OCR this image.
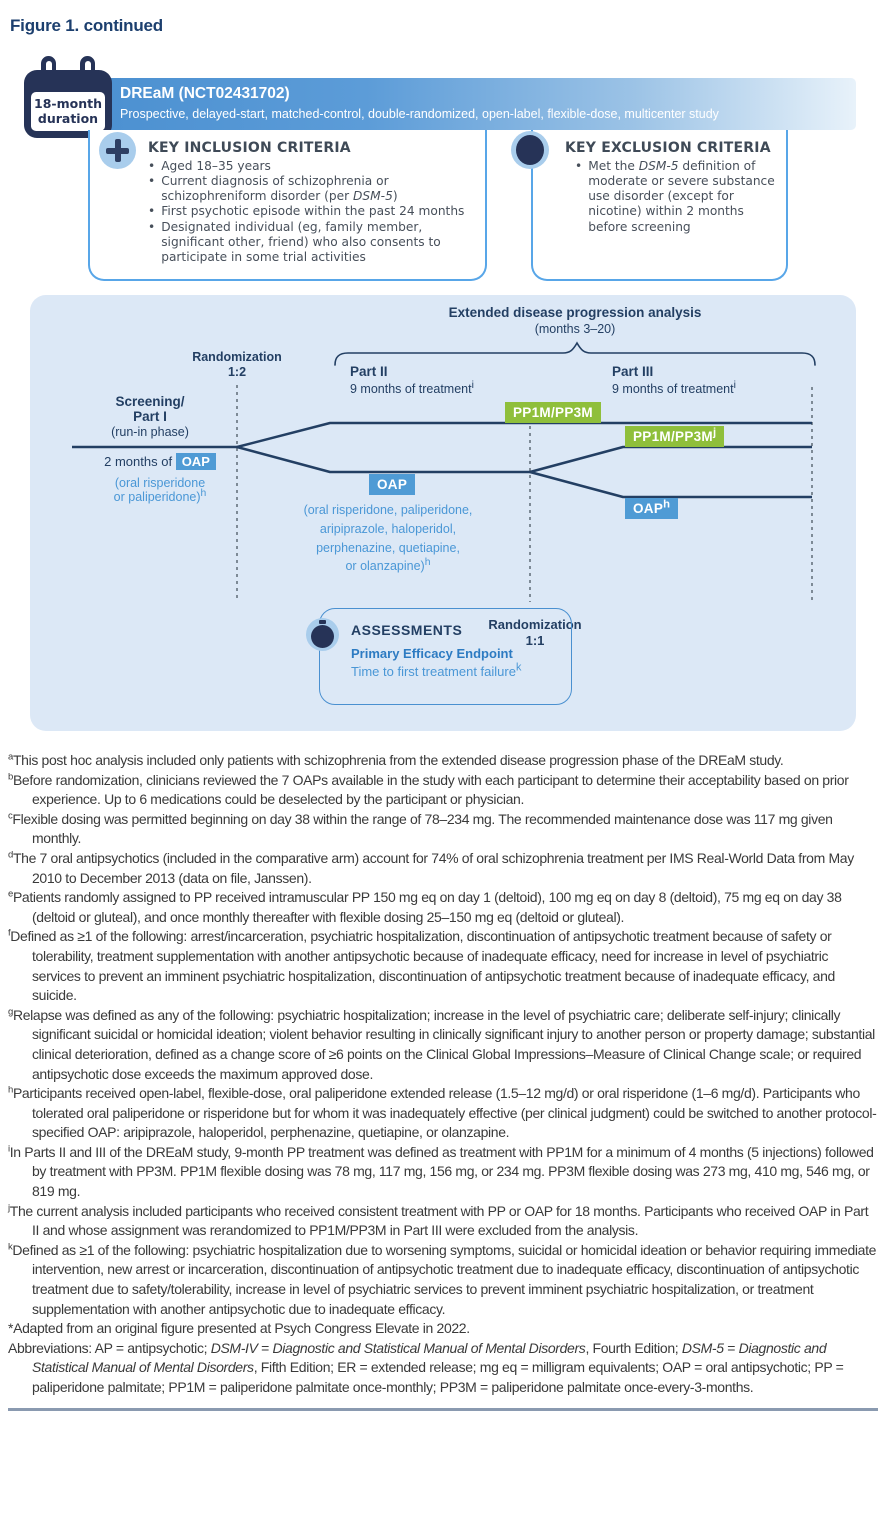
Figure 1. continued
DREaM (NCT02431702)
Prospective, delayed-start, matched-control, double-randomized, open-label, flexible-dose, multicenter study
18-month
duration
KEY INCLUSION CRITERIA
• Aged 18–35 years
• Current diagnosis of schizophrenia or schizophreniform disorder (per DSM-5)
• First psychotic episode within the past 24 months
• Designated individual (eg, family member, significant other, friend) who also consents to participate in some trial activities
KEY EXCLUSION CRITERIA
• Met the DSM-5 definition of moderate or severe substance use disorder (except for nicotine) within 2 months before screening
Extended disease progression analysis
(months 3–20)
Randomization
1:2	Part II
9 months of treatment$^i$
Part III
9 months of treatment$^i$
Screening/
Part I
(run-in phase)
PP1M/PP3M
$PP1M/PP3M^j$
OAP
OAP$^h$
2 months of OAP
(oral risperidone
or paliperidone)$^h$
(oral risperidone, paliperidone,
aripiprazole, haloperidol,
perphenazine, quetiapine,
or olanzapine)$^h$
Randomization
1:1
ASSESSMENTS
Primary Efficacy Endpoint
Time to first treatment failure$^k$
$^a$This post hoc analysis included only patients with schizophrenia from the extended disease progression phase of the DREaM study.
$^b$Before randomization, clinicians reviewed the 7 OAPs available in the study with each participant to determine their acceptability based on prior experience. Up to 6 medications could be deselected by the participant or physician.
$^c$Flexible dosing was permitted beginning on day 38 within the range of 78–234 mg. The recommended maintenance dose was 117 mg given monthly.
$^d$The 7 oral antipsychotics (included in the comparative arm) account for 74% of oral schizophrenia treatment per IMS Real-World Data from May 2010 to December 2013 (data on file, Janssen).
$^e$Patients randomly assigned to PP received intramuscular PP 150 mg eq on day 1 (deltoid), 100 mg eq on day 8 (deltoid), 75 mg eq on day 38 (deltoid or gluteal), and once monthly thereafter with flexible dosing 25–150 mg eq (deltoid or gluteal).
$^f$Defined as ≥1 of the following: arrest/incarceration, psychiatric hospitalization, discontinuation of antipsychotic treatment because of safety or tolerability, treatment supplementation with another antipsychotic because of inadequate efficacy, need for increase in level of psychiatric services to prevent an imminent psychiatric hospitalization, discontinuation of antipsychotic treatment because of inadequate efficacy, and suicide.
$^g$Relapse was defined as any of the following: psychiatric hospitalization; increase in the level of psychiatric care; deliberate self-injury; clinically significant suicidal or homicidal ideation; violent behavior resulting in clinically significant injury to another person or property damage; substantial clinical deterioration, defined as a change score of ≥6 points on the Clinical Global Impressions–Measure of Clinical Change scale; or required antipsychotic dose exceeds the maximum approved dose.
$^h$Participants received open-label, flexible-dose, oral paliperidone extended release (1.5–12 mg/d) or oral risperidone (1–6 mg/d). Participants who tolerated oral paliperidone or risperidone but for whom it was inadequately effective (per clinical judgment) could be switched to another protocol-specified OAP: aripiprazole, haloperidol, perphenazine, quetiapine, or olanzapine.
$^i$In Parts II and III of the DREaM study, 9-month PP treatment was defined as treatment with PP1M for a minimum of 4 months (5 injections) followed by treatment with PP3M. PP1M flexible dosing was 78 mg, 117 mg, 156 mg, or 234 mg. PP3M flexible dosing was 273 mg, 410 mg, 546 mg, or 819 mg.
$^j$The current analysis included participants who received consistent treatment with PP or OAP for 18 months. Participants who received OAP in Part II and whose assignment was rerandomized to PP1M/PP3M in Part III were excluded from the analysis.
$^k$Defined as ≥1 of the following: psychiatric hospitalization due to worsening symptoms, suicidal or homicidal ideation or behavior requiring immediate intervention, new arrest or incarceration, discontinuation of antipsychotic treatment due to inadequate efficacy, discontinuation of antipsychotic treatment due to safety/tolerability, increase in level of psychiatric services to prevent imminent psychiatric hospitalization, or treatment supplementation with another antipsychotic due to inadequate efficacy.
*Adapted from an original figure presented at Psych Congress Elevate in 2022.
Abbreviations: AP = antipsychotic; DSM-IV = Diagnostic and Statistical Manual of Mental Disorders, Fourth Edition; DSM-5 = Diagnostic and Statistical Manual of Mental Disorders, Fifth Edition; ER = extended release; mg eq = milligram equivalents; OAP = oral antipsychotic; PP = paliperidone palmitate; PP1M = paliperidone palmitate once-monthly; PP3M = paliperidone palmitate once-every-3-months.
